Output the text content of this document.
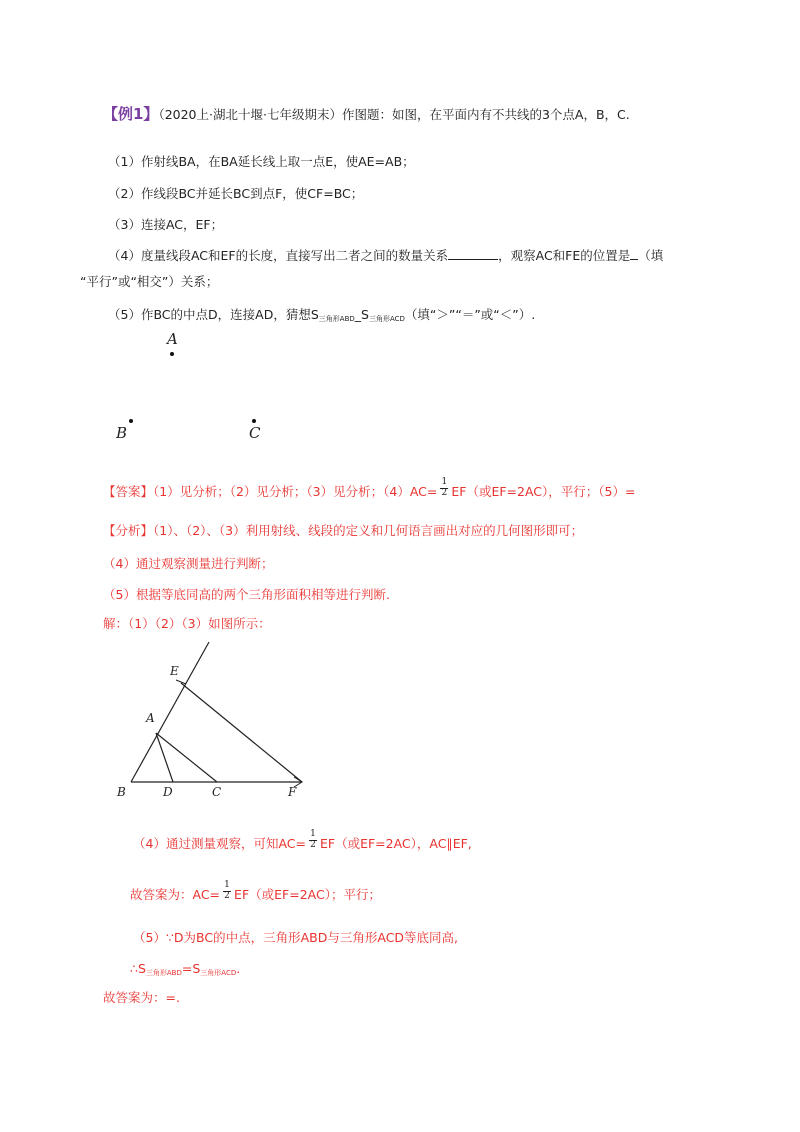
【例1】（2020上·湖北十堰·七年级期末）作图题：如图，在平面内有不共线的3个点A，B，C.
（1）作射线BA，在BA延长线上取一点E，使AE=AB；
（2）作线段BC并延长BC到点F，使CF=BC；
（3）连接AC，EF；
（4）度量线段AC和EF的长度，直接写出二者之间的数量关系	，观察AC和FE的位置是 （填
“平行”或“相交”）关系；
（5）作BC的中点D，连接AD，猜想$S_{三角形ABD}\_S_{三角形ACD}$（填“＞”“＝”或“＜”）.
A
B	C
【答案】（1）见分析；（2）见分析；（3）见分析；$(4)AC= \frac{1}{2} EF$（或EF=2AC），平行；（5）=
【分析】（1）、（2）、（3）利用射线、线段的定义和几何语言画出对应的几何图形即可；
（4）通过观察测量进行判断；
（5）根据等底同高的两个三角形面积相等进行判断.
解：（1）（2）（3）如图所示：
E
A
B	D	C	F
（4）通过测量观察，可知$AC= \frac{1}{2} EF$（或EF=2AC），AC∥EF,
故答案为：$AC= \frac{1}{2} EF$（或EF=2AC）；平行；
（5）∵D为BC的中点，三角形ABD与三角形ACD等底同高,
$\therefore S_{三角形ABD}=S_{三角形ACD}$.
故答案为：=.
